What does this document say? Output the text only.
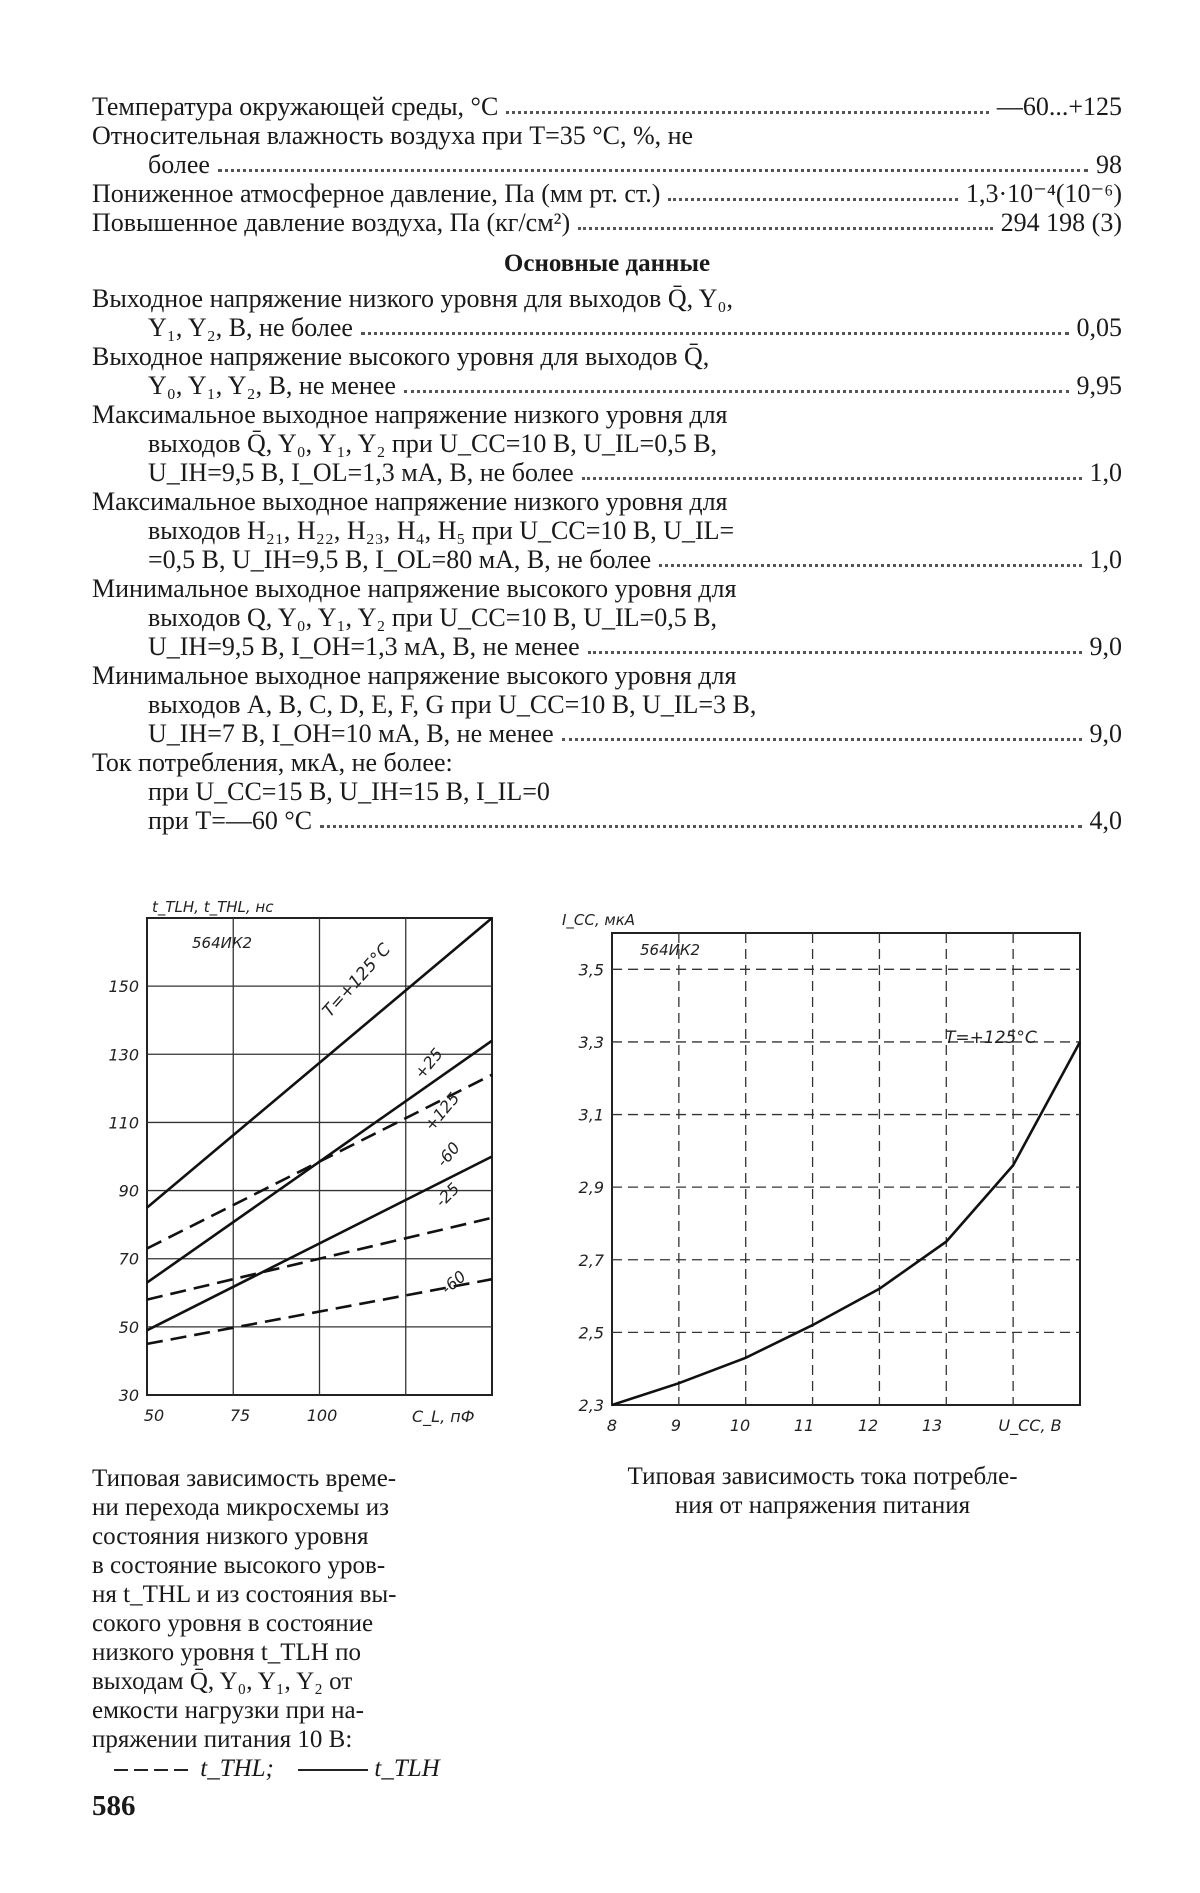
Температура окружающей среды, °С	—60...+125
Относительная влажность воздуха при T=35 °С, %, не
более	98
Пониженное атмосферное давление, Па (мм рт. ст.)	1,3·10⁻⁴(10⁻⁶)
Повышенное давление воздуха, Па (кг/см²)	294 198 (3)
Основные данные
Выходное напряжение низкого уровня для выходов Q̄, Y₀,
Y₁, Y₂, В, не более	0,05
Выходное напряжение высокого уровня для выходов Q̄,
Y₀, Y₁, Y₂, В, не менее	9,95
Максимальное выходное напряжение низкого уровня для
выходов Q̄, Y₀, Y₁, Y₂ при U_CC=10 В, U_IL=0,5 В,
U_IH=9,5 В, I_OL=1,3 мА, В, не более	1,0
Максимальное выходное напряжение низкого уровня для
выходов H₂₁, H₂₂, H₂₃, H₄, H₅ при U_CC=10 В, U_IL=
=0,5 В, U_IH=9,5 В, I_OL=80 мА, В, не более	1,0
Минимальное выходное напряжение высокого уровня для
выходов Q, Y₀, Y₁, Y₂ при U_CC=10 В, U_IL=0,5 В,
U_IH=9,5 В, I_OH=1,3 мА, В, не менее	9,0
Минимальное выходное напряжение высокого уровня для
выходов A, B, C, D, E, F, G при U_CC=10 В, U_IL=3 В,
U_IH=7 В, I_OH=10 мА, В, не менее	9,0
Ток потребления, мкА, не более:
при U_CC=15 В, U_IH=15 В, I_IL=0
при T=—60 °С	4,0
T=+125°С
+25
+125
-60
-25
-60
30
50
70
90
110
130
150
50	75	100
t_TLH, t_THL, нс
C_L, пФ
564ИК2
T=+125°С
2,3
2,5
2,7
2,9
3,1
3,3
3,5
8	9	10	11	12	13	U_CC, В
I_CC, мкА
564ИК2
Типовая зависимость време-
ни перехода микросхемы из
состояния низкого уровня
в состояние высокого уров-
ня t_THL и из состояния вы-
сокого уровня в состояние
низкого уровня t_TLH по
выходам Q̄, Y₀, Y₁, Y₂ от
емкости нагрузки при на-
пряжении питания 10 В:
t_THL;	t_TLH
Типовая зависимость тока потребле-
ния от напряжения питания
586
